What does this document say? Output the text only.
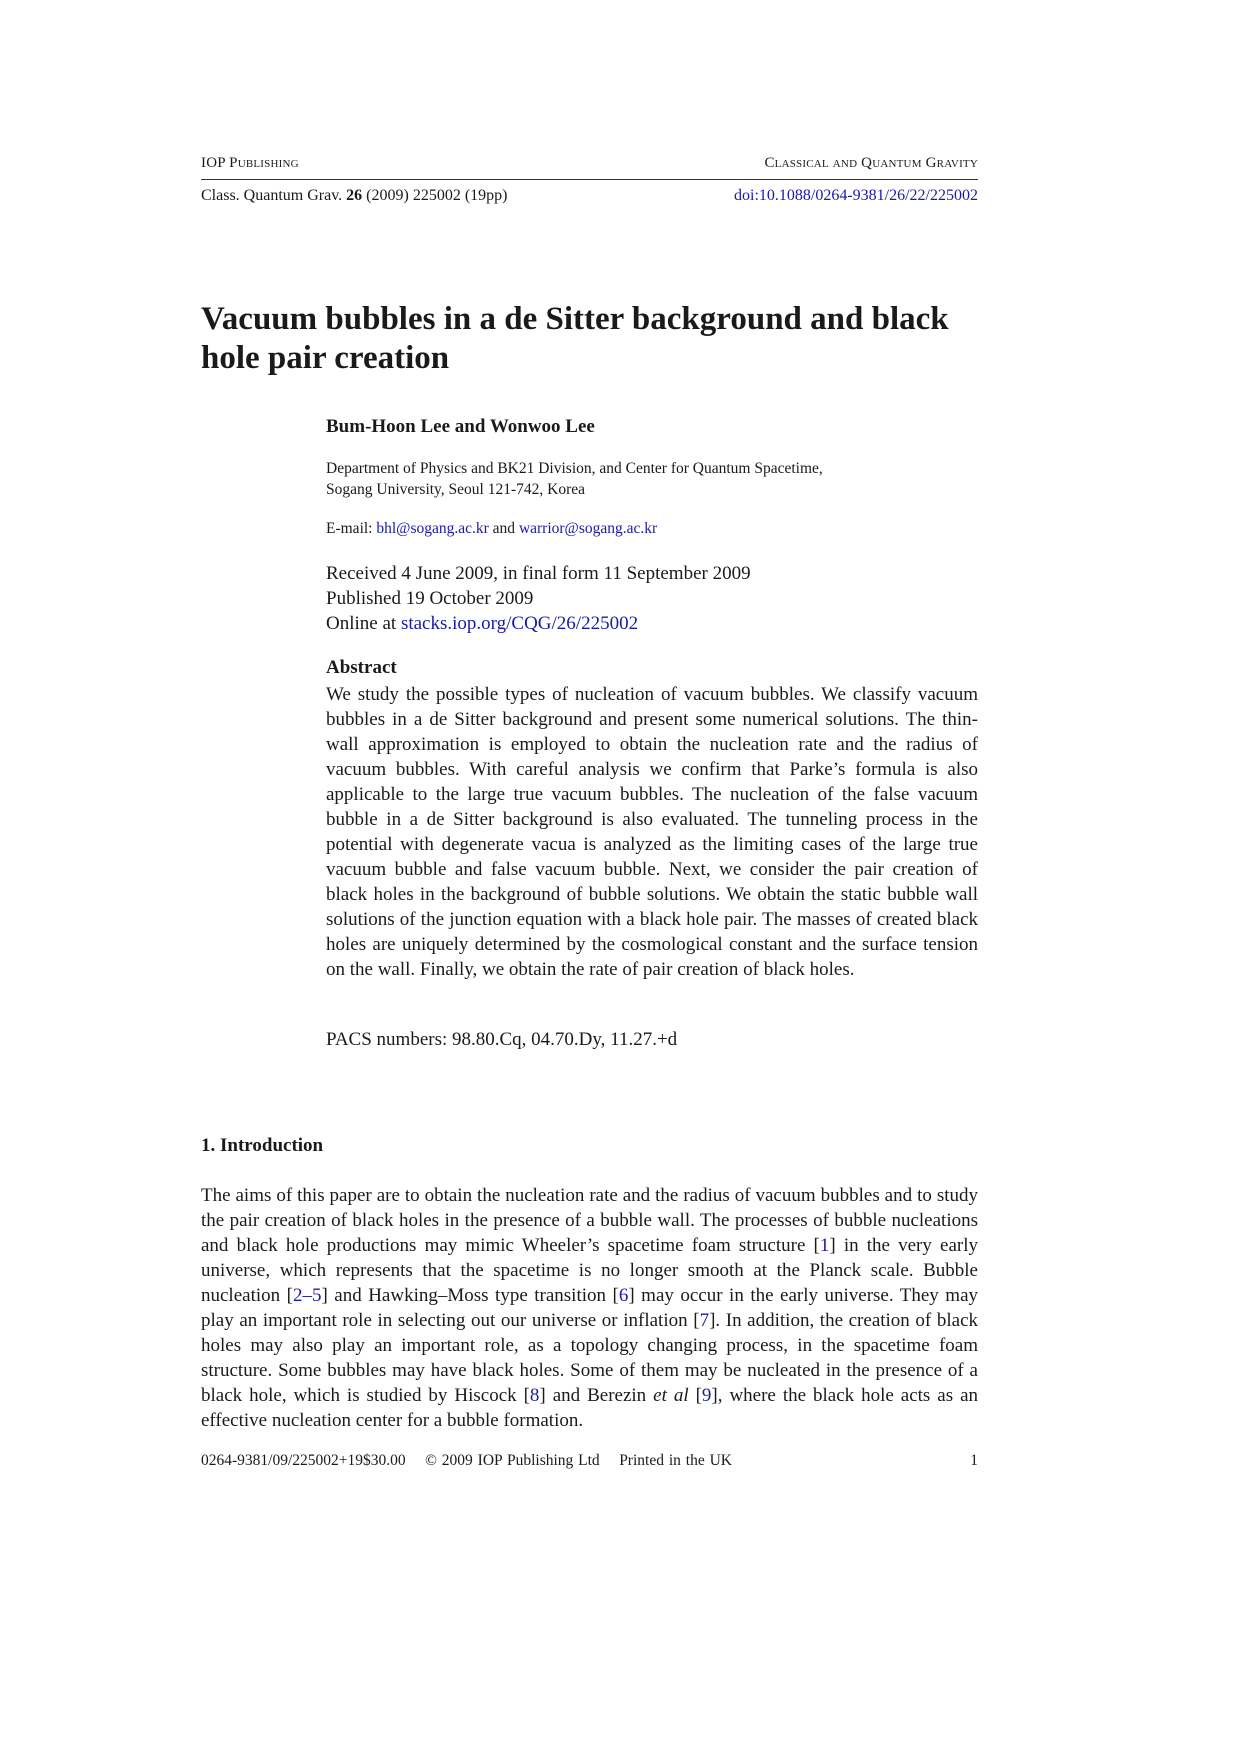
IOP Publishing	Classical and Quantum Gravity
Class. Quantum Grav. 26 (2009) 225002 (19pp)	doi:10.1088/0264-9381/26/22/225002
Vacuum bubbles in a de Sitter background and black hole pair creation
Bum-Hoon Lee and Wonwoo Lee
Department of Physics and BK21 Division, and Center for Quantum Spacetime,
Sogang University, Seoul 121-742, Korea
E-mail: bhl@sogang.ac.kr and warrior@sogang.ac.kr
Received 4 June 2009, in final form 11 September 2009
Published 19 October 2009
Online at stacks.iop.org/CQG/26/225002
Abstract

We study the possible types of nucleation of vacuum bubbles. We classify vacuum bubbles in a de Sitter background and present some numerical solutions. The thin-wall approximation is employed to obtain the nucleation rate and the radius of vacuum bubbles. With careful analysis we confirm that Parke’s formula is also applicable to the large true vacuum bubbles. The nucleation of the false vacuum bubble in a de Sitter background is also evaluated. The tunneling process in the potential with degenerate vacua is analyzed as the limiting cases of the large true vacuum bubble and false vacuum bubble. Next, we consider the pair creation of black holes in the background of bubble solutions. We obtain the static bubble wall solutions of the junction equation with a black hole pair. The masses of created black holes are uniquely determined by the cosmological constant and the surface tension on the wall. Finally, we obtain the rate of pair creation of black holes.

PACS numbers: 98.80.Cq, 04.70.Dy, 11.27.+d
1. Introduction

The aims of this paper are to obtain the nucleation rate and the radius of vacuum bubbles and to study the pair creation of black holes in the presence of a bubble wall. The processes of bubble nucleations and black hole productions may mimic Wheeler’s spacetime foam structure [1] in the very early universe, which represents that the spacetime is no longer smooth at the Planck scale. Bubble nucleation [2–5] and Hawking–Moss type transition [6] may occur in the early universe. They may play an important role in selecting out our universe or inflation [7]. In addition, the creation of black holes may also play an important role, as a topology changing process, in the spacetime foam structure. Some bubbles may have black holes. Some of them may be nucleated in the presence of a black hole, which is studied by Hiscock [8] and Berezin et al [9], where the black hole acts as an effective nucleation center for a bubble formation.

0264-9381/09/225002+19$30.00 © 2009 IOP Publishing Ltd Printed in the UK	1
